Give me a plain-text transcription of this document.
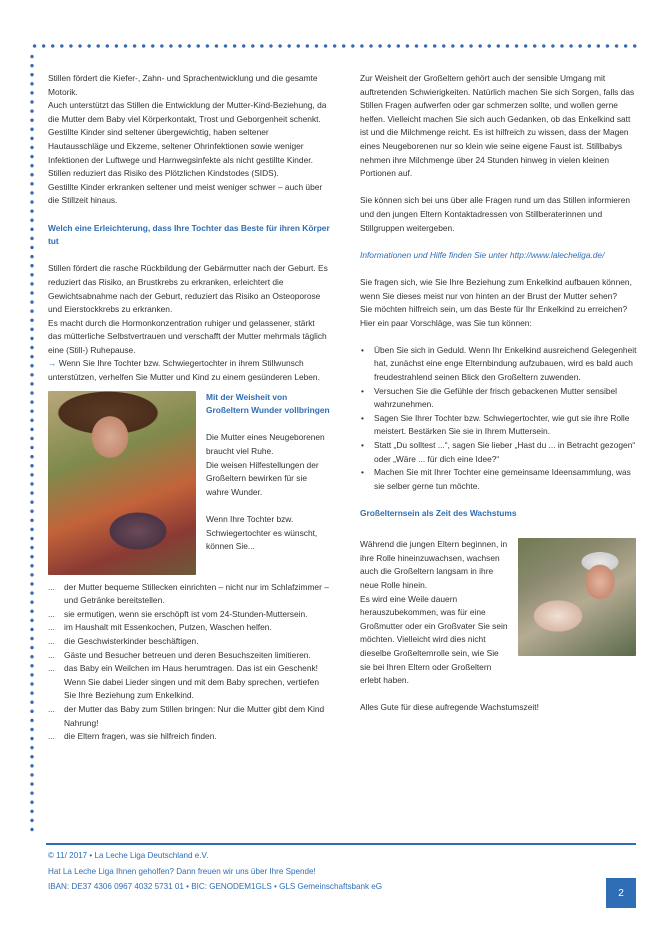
Stillen fördert die Kiefer-, Zahn- und Sprachentwicklung und die gesamte Motorik.

Auch unterstützt das Stillen die Entwicklung der Mutter-Kind-Beziehung, da die Mutter dem Baby viel Körperkontakt, Trost und Geborgenheit schenkt.

Gestillte Kinder sind seltener übergewichtig, haben seltener Hautausschläge und Ekzeme, seltener Ohrinfektionen sowie weniger Infektionen der Luftwege und Harnwegsinfekte als nicht gestillte Kinder. Stillen reduziert das Risiko des Plötzlichen Kindstodes (SIDS).

Gestillte Kinder erkranken seltener und meist weniger schwer – auch über die Stillzeit hinaus.

Welch eine Erleichterung, dass Ihre Tochter das Beste für ihren Körper tut

Stillen fördert die rasche Rückbildung der Gebärmutter nach der Geburt. Es reduziert das Risiko, an Brustkrebs zu erkranken, erleichtert die Gewichtsabnahme nach der Geburt, reduziert das Risiko an Osteoporose und Eierstockkrebs zu erkranken.

Es macht durch die Hormonkonzentration ruhiger und gelassener, stärkt das mütterliche Selbstvertrauen und verschafft der Mutter mehrmals täglich eine (Still-) Ruhepause.

→ Wenn Sie Ihre Tochter bzw. Schwiegertochter in ihrem Stillwunsch unterstützen, verhelfen Sie Mutter und Kind zu einem gesünderen Leben.

Mit der Weisheit von Großeltern Wunder vollbringen

Die Mutter eines Neugeborenen braucht viel Ruhe.

Die weisen Hilfestellungen der Großeltern bewirken für sie wahre Wunder.

Wenn Ihre Tochter bzw. Schwiegertochter es wünscht, können Sie...

... der Mutter bequeme Stillecken einrichten – nicht nur im Schlafzimmer – und Getränke bereitstellen.
... sie ermutigen, wenn sie erschöpft ist vom 24-Stunden-Muttersein.
... im Haushalt mit Essenkochen, Putzen, Waschen helfen.
... die Geschwisterkinder beschäftigen.
... Gäste und Besucher betreuen und deren Besuchszeiten limitieren.
... das Baby ein Weilchen im Haus herumtragen. Das ist ein Geschenk! Wenn Sie dabei Lieder singen und mit dem Baby sprechen, vertiefen Sie Ihre Beziehung zum Enkelkind.
... der Mutter das Baby zum Stillen bringen: Nur die Mutter gibt dem Kind Nahrung!
... die Eltern fragen, was sie hilfreich finden.

Zur Weisheit der Großeltern gehört auch der sensible Umgang mit auftretenden Schwierigkeiten. Natürlich machen Sie sich Sorgen, falls das Stillen Fragen aufwerfen oder gar schmerzen sollte, und wollen gerne helfen. Vielleicht machen Sie sich auch Gedanken, ob das Enkelkind satt ist und die Milchmenge reicht. Es ist hilfreich zu wissen, dass der Magen eines Neugeborenen nur so klein wie seine eigene Faust ist. Stillbabys nehmen ihre Milchmenge über 24 Stunden hinweg in vielen kleinen Portionen auf.

Sie können sich bei uns über alle Fragen rund um das Stillen informieren und den jungen Eltern Kontaktadressen von Stillberaterinnen und Stillgruppen weitergeben.

Informationen und Hilfe finden Sie unter http://www.lalecheliga.de/

Sie fragen sich, wie Sie Ihre Beziehung zum Enkelkind aufbauen können, wenn Sie dieses meist nur von hinten an der Brust der Mutter sehen?

Sie möchten hilfreich sein, um das Beste für Ihr Enkelkind zu erreichen? Hier ein paar Vorschläge, was Sie tun können:

• Üben Sie sich in Geduld. Wenn Ihr Enkelkind ausreichend Gelegenheit hat, zunächst eine enge Elternbindung aufzubauen, wird es bald auch freudestrahlend seinen Blick den Großeltern zuwenden.
• Versuchen Sie die Gefühle der frisch gebackenen Mutter sensibel wahrzunehmen.
• Sagen Sie Ihrer Tochter bzw. Schwiegertochter, wie gut sie ihre Rolle meistert. Bestärken Sie sie in Ihrem Muttersein.
• Statt „Du solltest ...“, sagen Sie lieber „Hast du ... in Betracht gezogen“ oder „Wäre ... für dich eine Idee?“
• Machen Sie mit Ihrer Tochter eine gemeinsame Ideensammlung, was sie selber gerne tun möchte.

Großelternsein als Zeit des Wachstums

Während die jungen Eltern beginnen, in ihre Rolle hineinzuwachsen, wachsen auch die Großeltern langsam in ihre neue Rolle hinein.

Es wird eine Weile dauern herauszubekommen, was für eine Großmutter oder ein Großvater Sie sein möchten. Vielleicht wird dies nicht dieselbe Großelternrolle sein, wie Sie sie bei Ihren Eltern oder Großeltern erlebt haben.

Alles Gute für diese aufregende Wachstumszeit!

© 11/ 2017 • La Leche Liga Deutschland e.V.
Hat La Leche Liga Ihnen geholfen? Dann freuen wir uns über Ihre Spende!
IBAN: DE37 4306 0967 4032 5731 01 • BIC: GENODEM1GLS • GLS Gemeinschaftsbank eG
2
